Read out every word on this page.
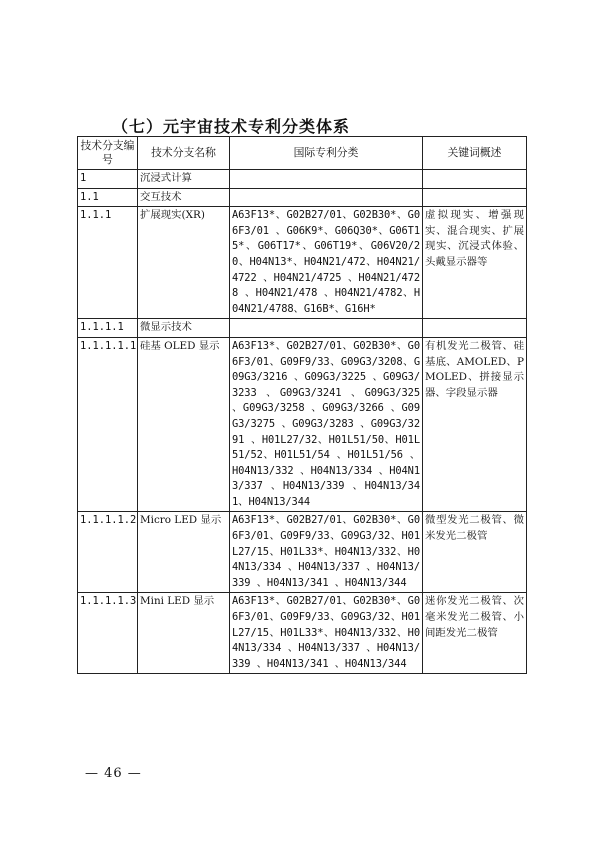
（七）元宇宙技术专利分类体系
技术分支编号	技术分支名称	国际专利分类	关键词概述
1	沉浸式计算		
1.1	交互技术		
1.1.1	扩展现实(XR)	A63F13*、G02B27/01、G02B30*、G06F3/01 、G06K9*、G06Q30*、G06T15*、G06T17*、G06T19*、G06V20/20、H04N13*、H04N21/472、H04N21/4722 、H04N21/4725 、H04N21/4728 、H04N21/478 、H04N21/4782、H04N21/4788、G16B*、G16H*	虚拟现实、增强现实、混合现实、扩展现实、沉浸式体验、头戴显示器等
1.1.1.1	微显示技术		
1.1.1.1.1	硅基 OLED 显示	A63F13*、G02B27/01、G02B30*、G06F3/01、G09F9/33、G09G3/3208、G09G3/3216 、G09G3/3225 、G09G3/3233 、G09G3/3241 、G09G3/325 、G09G3/3258 、G09G3/3266 、G09G3/3275 、G09G3/3283 、G09G3/3291 、H01L27/32、H01L51/50、H01L51/52、H01L51/54 、H01L51/56 、H04N13/332 、H04N13/334 、H04N13/337 、H04N13/339 、H04N13/341、H04N13/344	有机发光二极管、硅基底、AMOLED、PMOLED、拼接显示器、字段显示器
1.1.1.1.2	Micro LED 显示	A63F13*、G02B27/01、G02B30*、G06F3/01、G09F9/33、G09G3/32、H01L27/15、H01L33*、H04N13/332、H04N13/334 、H04N13/337 、H04N13/339 、H04N13/341 、H04N13/344	微型发光二极管、微米发光二极管
1.1.1.1.3	Mini LED 显示	A63F13*、G02B27/01、G02B30*、G06F3/01、G09F9/33、G09G3/32、H01L27/15、H01L33*、H04N13/332、H04N13/334 、H04N13/337 、H04N13/339 、H04N13/341 、H04N13/344	迷你发光二极管、次毫米发光二极管、小间距发光二极管
— 46 —
